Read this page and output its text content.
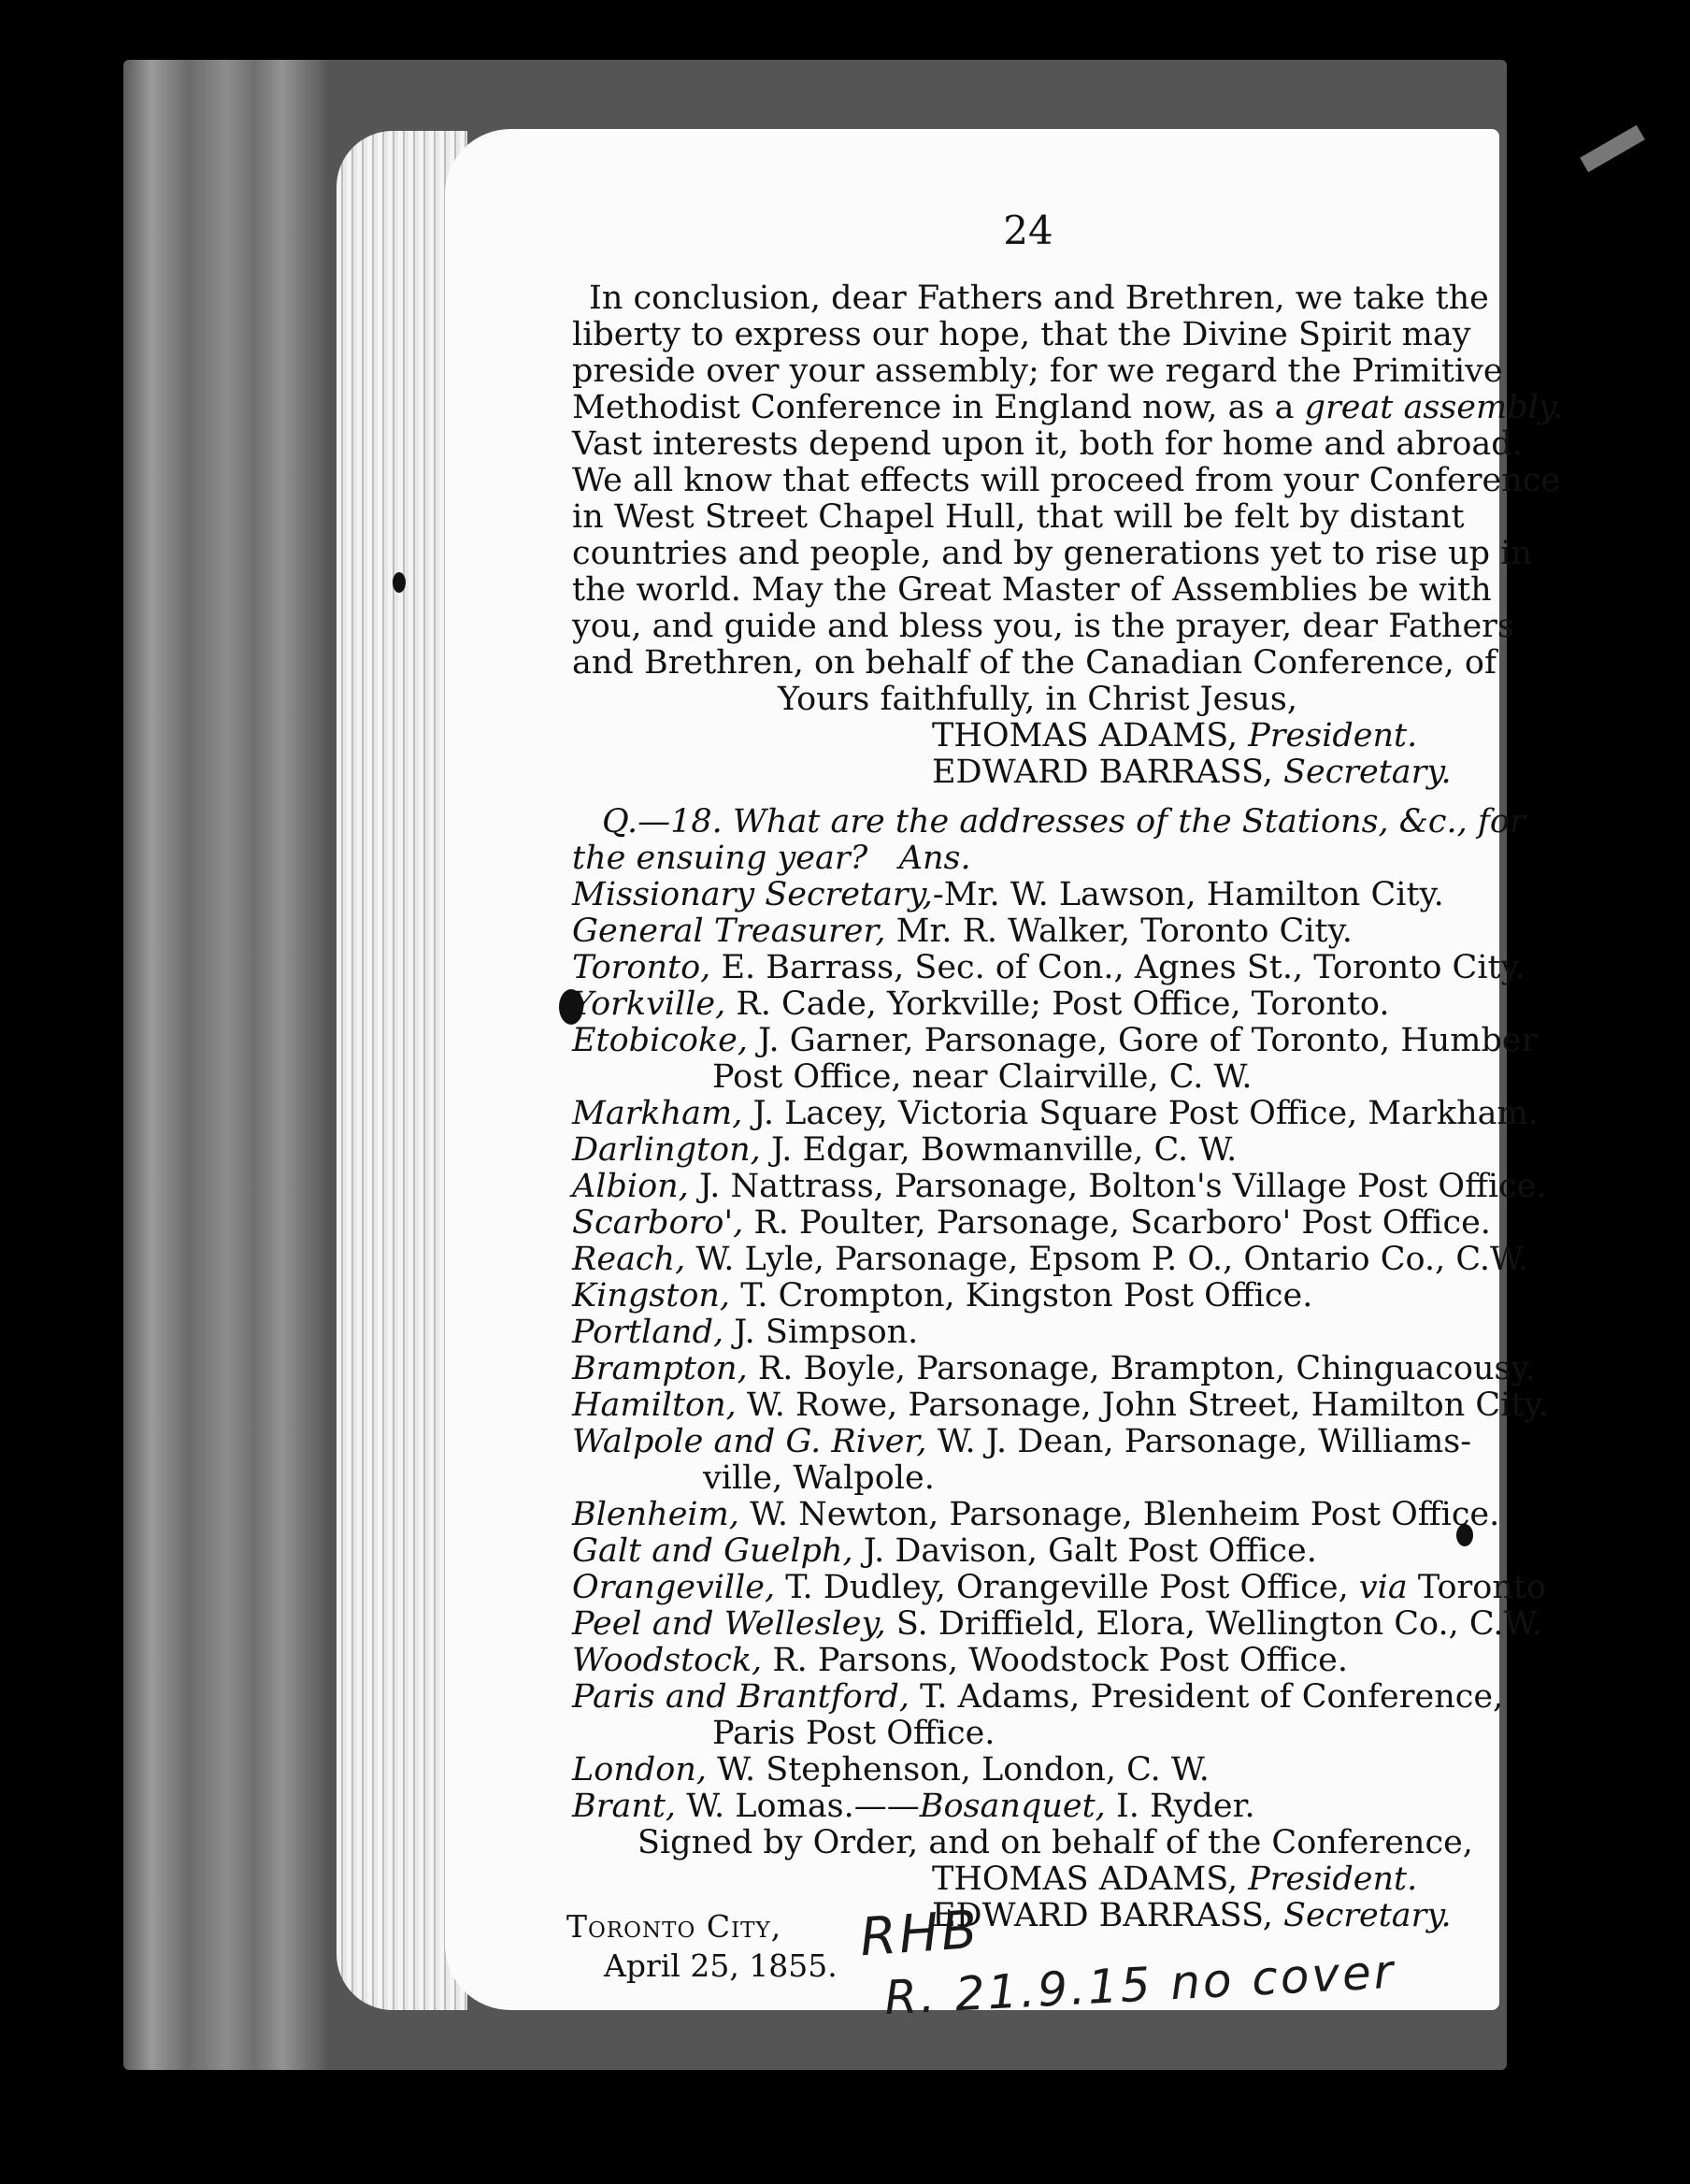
24
In conclusion, dear Fathers and Brethren, we take the
liberty to express our hope, that the Divine Spirit may
preside over your assembly; for we regard the Primitive
Methodist Conference in England now, as a great assembly.
Vast interests depend upon it, both for home and abroad.
We all know that effects will proceed from your Conference
in West Street Chapel Hull, that will be felt by distant
countries and people, and by generations yet to rise up in
the world. May the Great Master of Assemblies be with
you, and guide and bless you, is the prayer, dear Fathers
and Brethren, on behalf of the Canadian Conference, of
Yours faithfully, in Christ Jesus,
THOMAS ADAMS, President.
EDWARD BARRASS, Secretary.
Q.—18. What are the addresses of the Stations, &c., for
the ensuing year? Ans.
Missionary Secretary,-Mr. W. Lawson, Hamilton City.
General Treasurer, Mr. R. Walker, Toronto City.
Toronto, E. Barrass, Sec. of Con., Agnes St., Toronto City.
Yorkville, R. Cade, Yorkville; Post Office, Toronto.
Etobicoke, J. Garner, Parsonage, Gore of Toronto, Humber
Post Office, near Clairville, C. W.
Markham, J. Lacey, Victoria Square Post Office, Markham.
Darlington, J. Edgar, Bowmanville, C. W.
Albion, J. Nattrass, Parsonage, Bolton's Village Post Office.
Scarboro', R. Poulter, Parsonage, Scarboro' Post Office.
Reach, W. Lyle, Parsonage, Epsom P. O., Ontario Co., C.W.
Kingston, T. Crompton, Kingston Post Office.
Portland, J. Simpson.
Brampton, R. Boyle, Parsonage, Brampton, Chinguacousy.
Hamilton, W. Rowe, Parsonage, John Street, Hamilton City.
Walpole and G. River, W. J. Dean, Parsonage, Williams-
ville, Walpole.
Blenheim, W. Newton, Parsonage, Blenheim Post Office.
Galt and Guelph, J. Davison, Galt Post Office.
Orangeville, T. Dudley, Orangeville Post Office, via Toronto
Peel and Wellesley, S. Driffield, Elora, Wellington Co., C.W.
Woodstock, R. Parsons, Woodstock Post Office.
Paris and Brantford, T. Adams, President of Conference,
Paris Post Office.
London, W. Stephenson, London, C. W.
Brant, W. Lomas.——Bosanquet, I. Ryder.
Signed by Order, and on behalf of the Conference,
THOMAS ADAMS, President.
EDWARD BARRASS, Secretary.
Toronto City,
April 25, 1855. RHB
R. 21.9.15 no cover
